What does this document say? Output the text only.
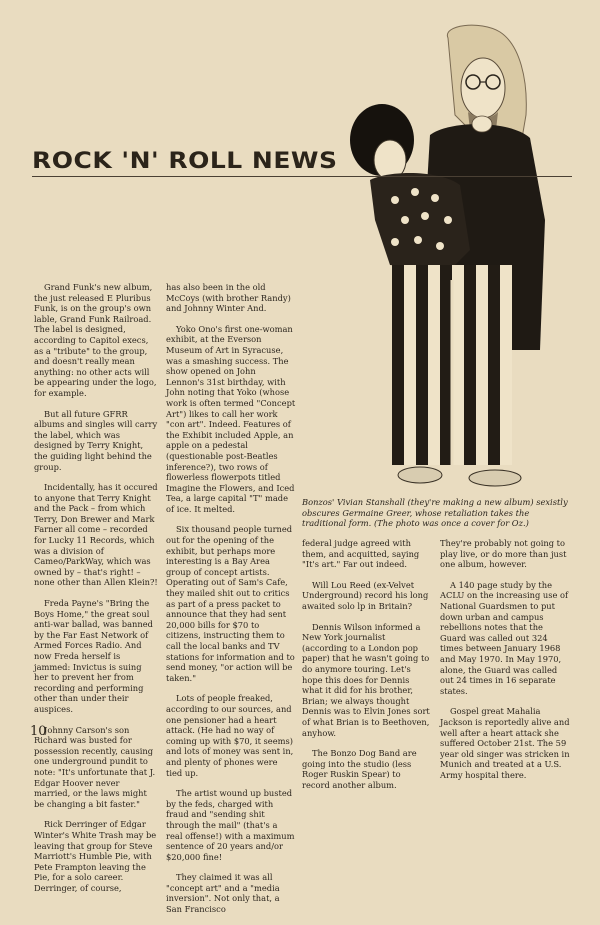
ROCK 'N' ROLL NEWS

Grand Funk's new album, the just released E Pluribus Funk, is on the group's own lable, Grand Funk Railroad. The label is designed, according to Capitol execs, as a "tribute" to the group, and doesn't really mean anything: no other acts will be appearing under the logo, for example.

But all future GFRR albums and singles will carry the label, which was designed by Terry Knight, the guiding light behind the group.

Incidentally, has it occured to anyone that Terry Knight and the Pack – from which Terry, Don Brewer and Mark Farner all come – recorded for Lucky 11 Records, which was a division of Cameo/ParkWay, which was owned by – that's right! – none other than Allen Klein?!

Freda Payne's "Bring the Boys Home," the great soul anti-war ballad, was banned by the Far East Network of Armed Forces Radio. And now Freda herself is jammed: Invictus is suing her to prevent her from recording and performing other than under their auspices.

Johnny Carson's son Richard was busted for possession recently, causing one underground pundit to note: "It's unfortunate that J. Edgar Hoover never married, or the laws might be changing a bit faster."

Rick Derringer of Edgar Winter's White Trash may be leaving that group for Steve Marriott's Humble Pie, with Pete Frampton leaving the Pie, for a solo career. Derringer, of course,

has also been in the old McCoys (with brother Randy) and Johnny Winter And.

Yoko Ono's first one-woman exhibit, at the Everson Museum of Art in Syracuse, was a smashing success. The show opened on John Lennon's 31st birthday, with John noting that Yoko (whose work is often termed "Concept Art") likes to call her work "con art". Indeed. Features of the Exhibit included Apple, an apple on a pedestal (questionable post-Beatles inference?), two rows of flowerless flowerpots titled Imagine the Flowers, and Iced Tea, a large capital "T" made of ice. It melted.

Six thousand people turned out for the opening of the exhibit, but perhaps more interesting is a Bay Area group of concept artists. Operating out of Sam's Cafe, they mailed shit out to critics as part of a press packet to announce that they had sent 20,000 bills for $70 to citizens, instructing them to call the local banks and TV stations for information and to send money, "or action will be taken."

Lots of people freaked, according to our sources, and one pensioner had a heart attack. (He had no way of coming up with $70, it seems) and lots of money was sent in, and plenty of phones were tied up.

The artist wound up busted by the feds, charged with fraud and "sending shit through the mail" (that's a real offense!) with a maximum sentence of 20 years and/or $20,000 fine!

They claimed it was all "concept art" and a "media inversion". Not only that, a San Francisco

Bonzos' Vivian Stanshall (they're making a new album) sexistly obscures Germaine Greer, whose retaliation takes the traditional form. (The photo was once a cover for Oz.)

federal judge agreed with them, and acquitted, saying "It's art." Far out indeed.

Will Lou Reed (ex-Velvet Underground) record his long awaited solo lp in Britain?

Dennis Wilson informed a New York journalist (according to a London pop paper) that he wasn't going to do anymore touring. Let's hope this does for Dennis what it did for his brother, Brian; we always thought Dennis was to Elvin Jones sort of what Brian is to Beethoven, anyhow.

The Bonzo Dog Band are going into the studio (less Roger Ruskin Spear) to record another album.

They're probably not going to play live, or do more than just one album, however.

A 140 page study by the ACLU on the increasing use of National Guardsmen to put down urban and campus rebellions notes that the Guard was called out 324 times between January 1968 and May 1970. In May 1970, alone, the Guard was called out 24 times in 16 separate states.

Gospel great Mahalia Jackson is reportedly alive and well after a heart attack she suffered October 21st. The 59 year old singer was stricken in Munich and treated at a U.S. Army hospital there.

10
